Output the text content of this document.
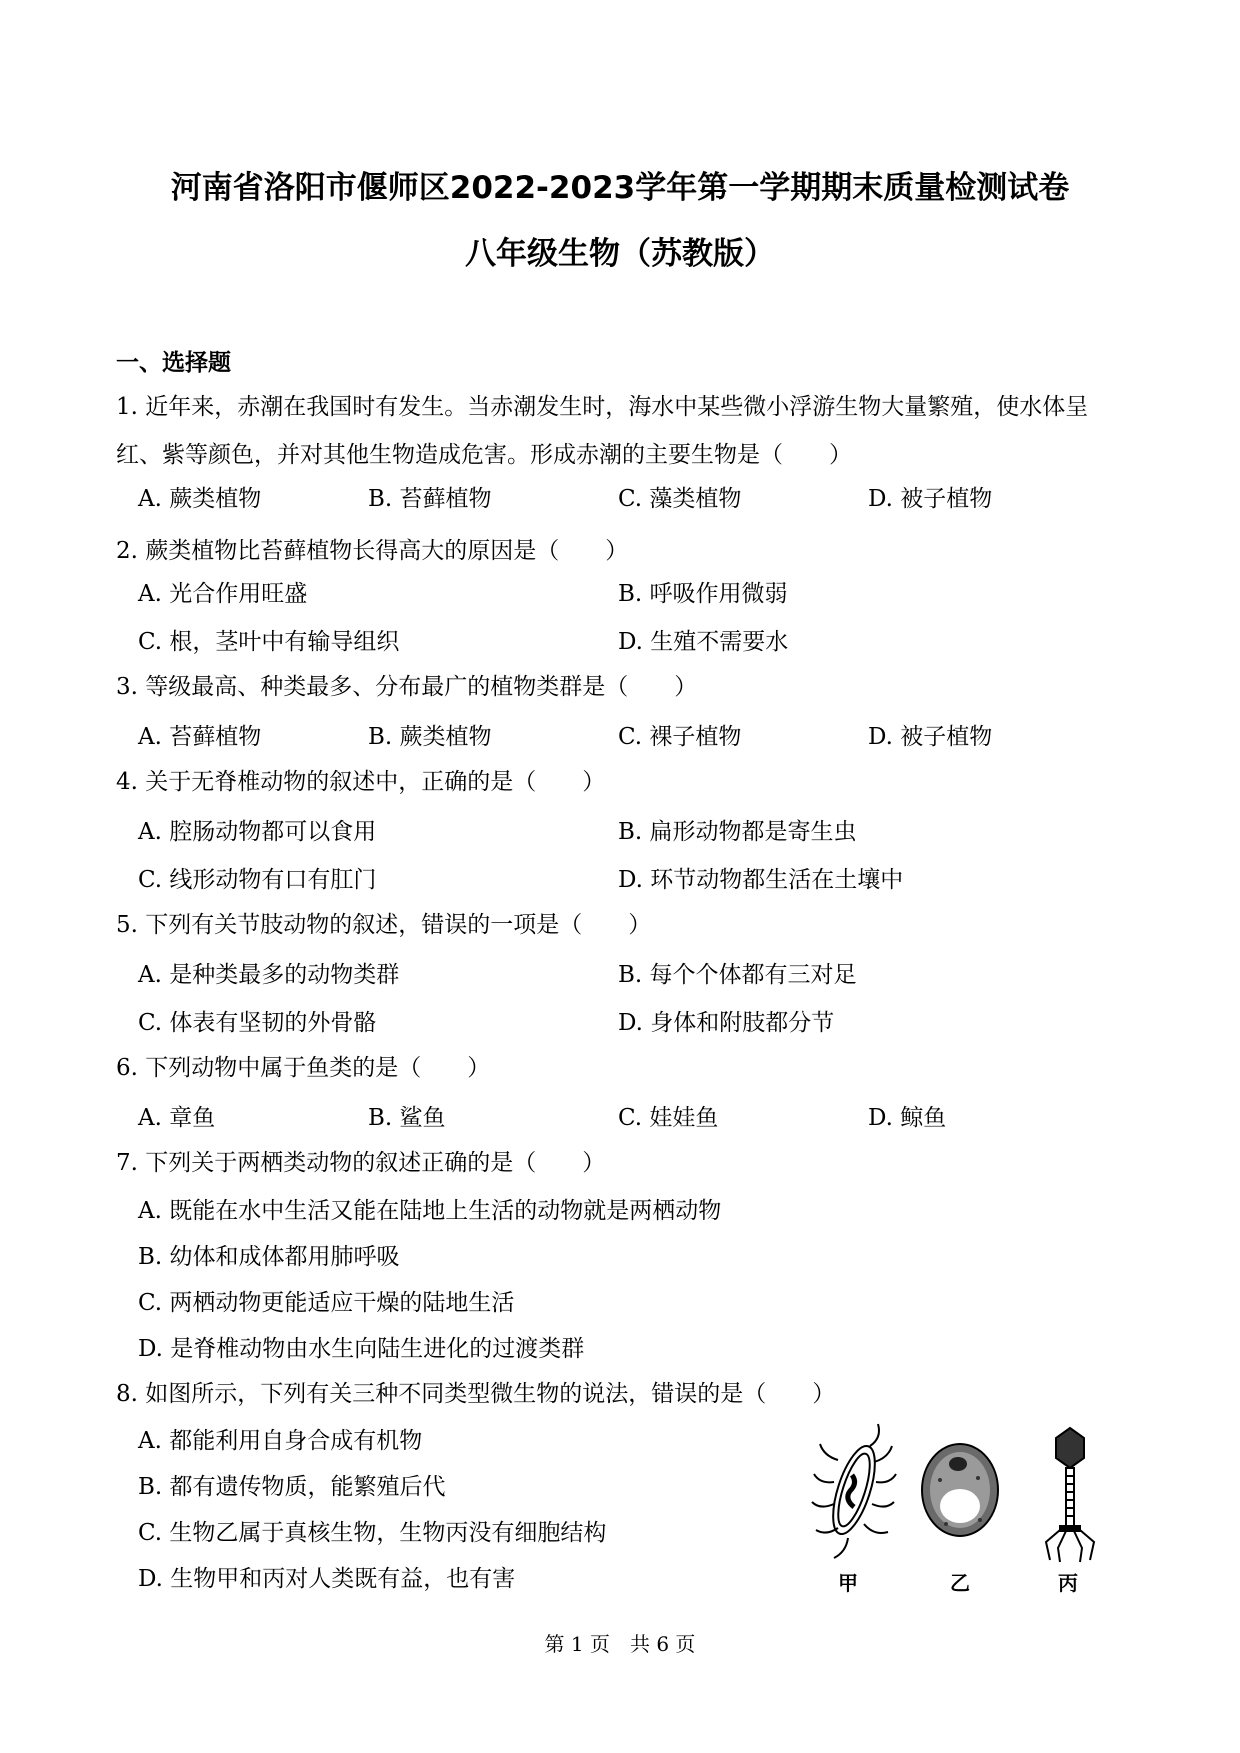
河南省洛阳市偃师区2022-2023学年第一学期期末质量检测试卷
八年级生物（苏教版）
一、选择题
1. 近年来，赤潮在我国时有发生。当赤潮发生时，海水中某些微小浮游生物大量繁殖，使水体呈红、紫等颜色，并对其他生物造成危害。形成赤潮的主要生物是（　　）
A. 蕨类植物	B. 苔藓植物	C. 藻类植物	D. 被子植物
2. 蕨类植物比苔藓植物长得高大的原因是（　　）
A. 光合作用旺盛	B. 呼吸作用微弱
C. 根，茎叶中有输导组织	D. 生殖不需要水
3. 等级最高、种类最多、分布最广的植物类群是（　　）
A. 苔藓植物	B. 蕨类植物	C. 裸子植物	D. 被子植物
4. 关于无脊椎动物的叙述中，正确的是（　　）
A. 腔肠动物都可以食用	B. 扁形动物都是寄生虫
C. 线形动物有口有肛门	D. 环节动物都生活在土壤中
5. 下列有关节肢动物的叙述，错误的一项是（　　）
A. 是种类最多的动物类群	B. 每个个体都有三对足
C. 体表有坚韧的外骨骼	D. 身体和附肢都分节
6. 下列动物中属于鱼类的是（　　）
A. 章鱼	B. 鲨鱼	C. 娃娃鱼	D. 鲸鱼
7. 下列关于两栖类动物的叙述正确的是（　　）
A. 既能在水中生活又能在陆地上生活的动物就是两栖动物
B. 幼体和成体都用肺呼吸
C. 两栖动物更能适应干燥的陆地生活
D. 是脊椎动物由水生向陆生进化的过渡类群
8. 如图所示，下列有关三种不同类型微生物的说法，错误的是（　　）
A. 都能利用自身合成有机物
B. 都有遗传物质，能繁殖后代
C. 生物乙属于真核生物，生物丙没有细胞结构
D. 生物甲和丙对人类既有益，也有害	甲	乙	丙
第 1 页　共 6 页
